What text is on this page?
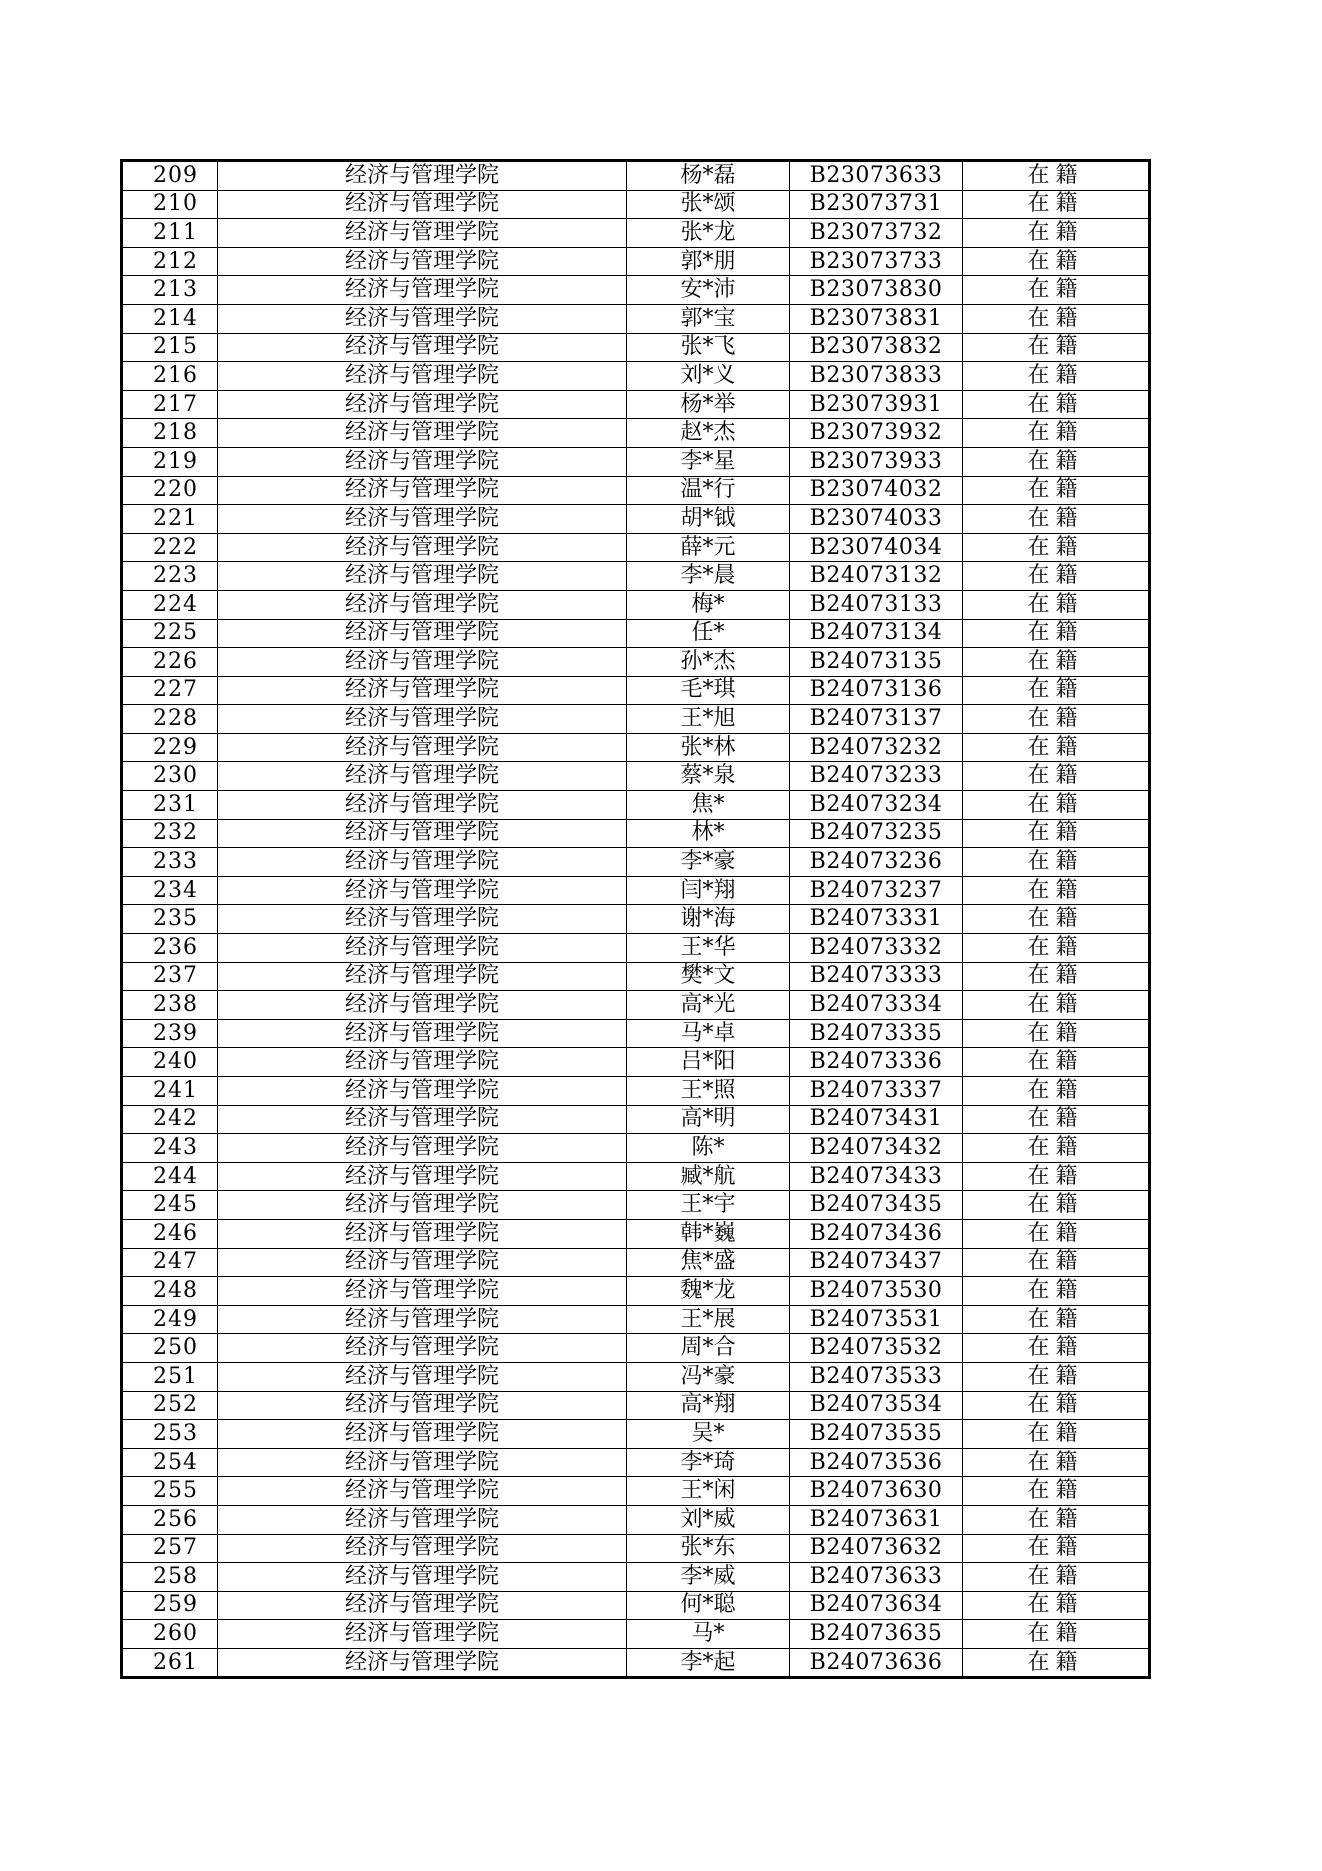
209	经济与管理学院	杨*磊	B23073633	在籍
210	经济与管理学院	张*颂	B23073731	在籍
211	经济与管理学院	张*龙	B23073732	在籍
212	经济与管理学院	郭*朋	B23073733	在籍
213	经济与管理学院	安*沛	B23073830	在籍
214	经济与管理学院	郭*宝	B23073831	在籍
215	经济与管理学院	张*飞	B23073832	在籍
216	经济与管理学院	刘*义	B23073833	在籍
217	经济与管理学院	杨*举	B23073931	在籍
218	经济与管理学院	赵*杰	B23073932	在籍
219	经济与管理学院	李*星	B23073933	在籍
220	经济与管理学院	温*行	B23074032	在籍
221	经济与管理学院	胡*钺	B23074033	在籍
222	经济与管理学院	薛*元	B23074034	在籍
223	经济与管理学院	李*晨	B24073132	在籍
224	经济与管理学院	梅*	B24073133	在籍
225	经济与管理学院	任*	B24073134	在籍
226	经济与管理学院	孙*杰	B24073135	在籍
227	经济与管理学院	毛*琪	B24073136	在籍
228	经济与管理学院	王*旭	B24073137	在籍
229	经济与管理学院	张*林	B24073232	在籍
230	经济与管理学院	蔡*泉	B24073233	在籍
231	经济与管理学院	焦*	B24073234	在籍
232	经济与管理学院	林*	B24073235	在籍
233	经济与管理学院	李*豪	B24073236	在籍
234	经济与管理学院	闫*翔	B24073237	在籍
235	经济与管理学院	谢*海	B24073331	在籍
236	经济与管理学院	王*华	B24073332	在籍
237	经济与管理学院	樊*文	B24073333	在籍
238	经济与管理学院	高*光	B24073334	在籍
239	经济与管理学院	马*卓	B24073335	在籍
240	经济与管理学院	吕*阳	B24073336	在籍
241	经济与管理学院	王*照	B24073337	在籍
242	经济与管理学院	高*明	B24073431	在籍
243	经济与管理学院	陈*	B24073432	在籍
244	经济与管理学院	臧*航	B24073433	在籍
245	经济与管理学院	王*宇	B24073435	在籍
246	经济与管理学院	韩*巍	B24073436	在籍
247	经济与管理学院	焦*盛	B24073437	在籍
248	经济与管理学院	魏*龙	B24073530	在籍
249	经济与管理学院	王*展	B24073531	在籍
250	经济与管理学院	周*合	B24073532	在籍
251	经济与管理学院	冯*豪	B24073533	在籍
252	经济与管理学院	高*翔	B24073534	在籍
253	经济与管理学院	吴*	B24073535	在籍
254	经济与管理学院	李*琦	B24073536	在籍
255	经济与管理学院	王*闲	B24073630	在籍
256	经济与管理学院	刘*威	B24073631	在籍
257	经济与管理学院	张*东	B24073632	在籍
258	经济与管理学院	李*威	B24073633	在籍
259	经济与管理学院	何*聪	B24073634	在籍
260	经济与管理学院	马*	B24073635	在籍
261	经济与管理学院	李*起	B24073636	在籍
